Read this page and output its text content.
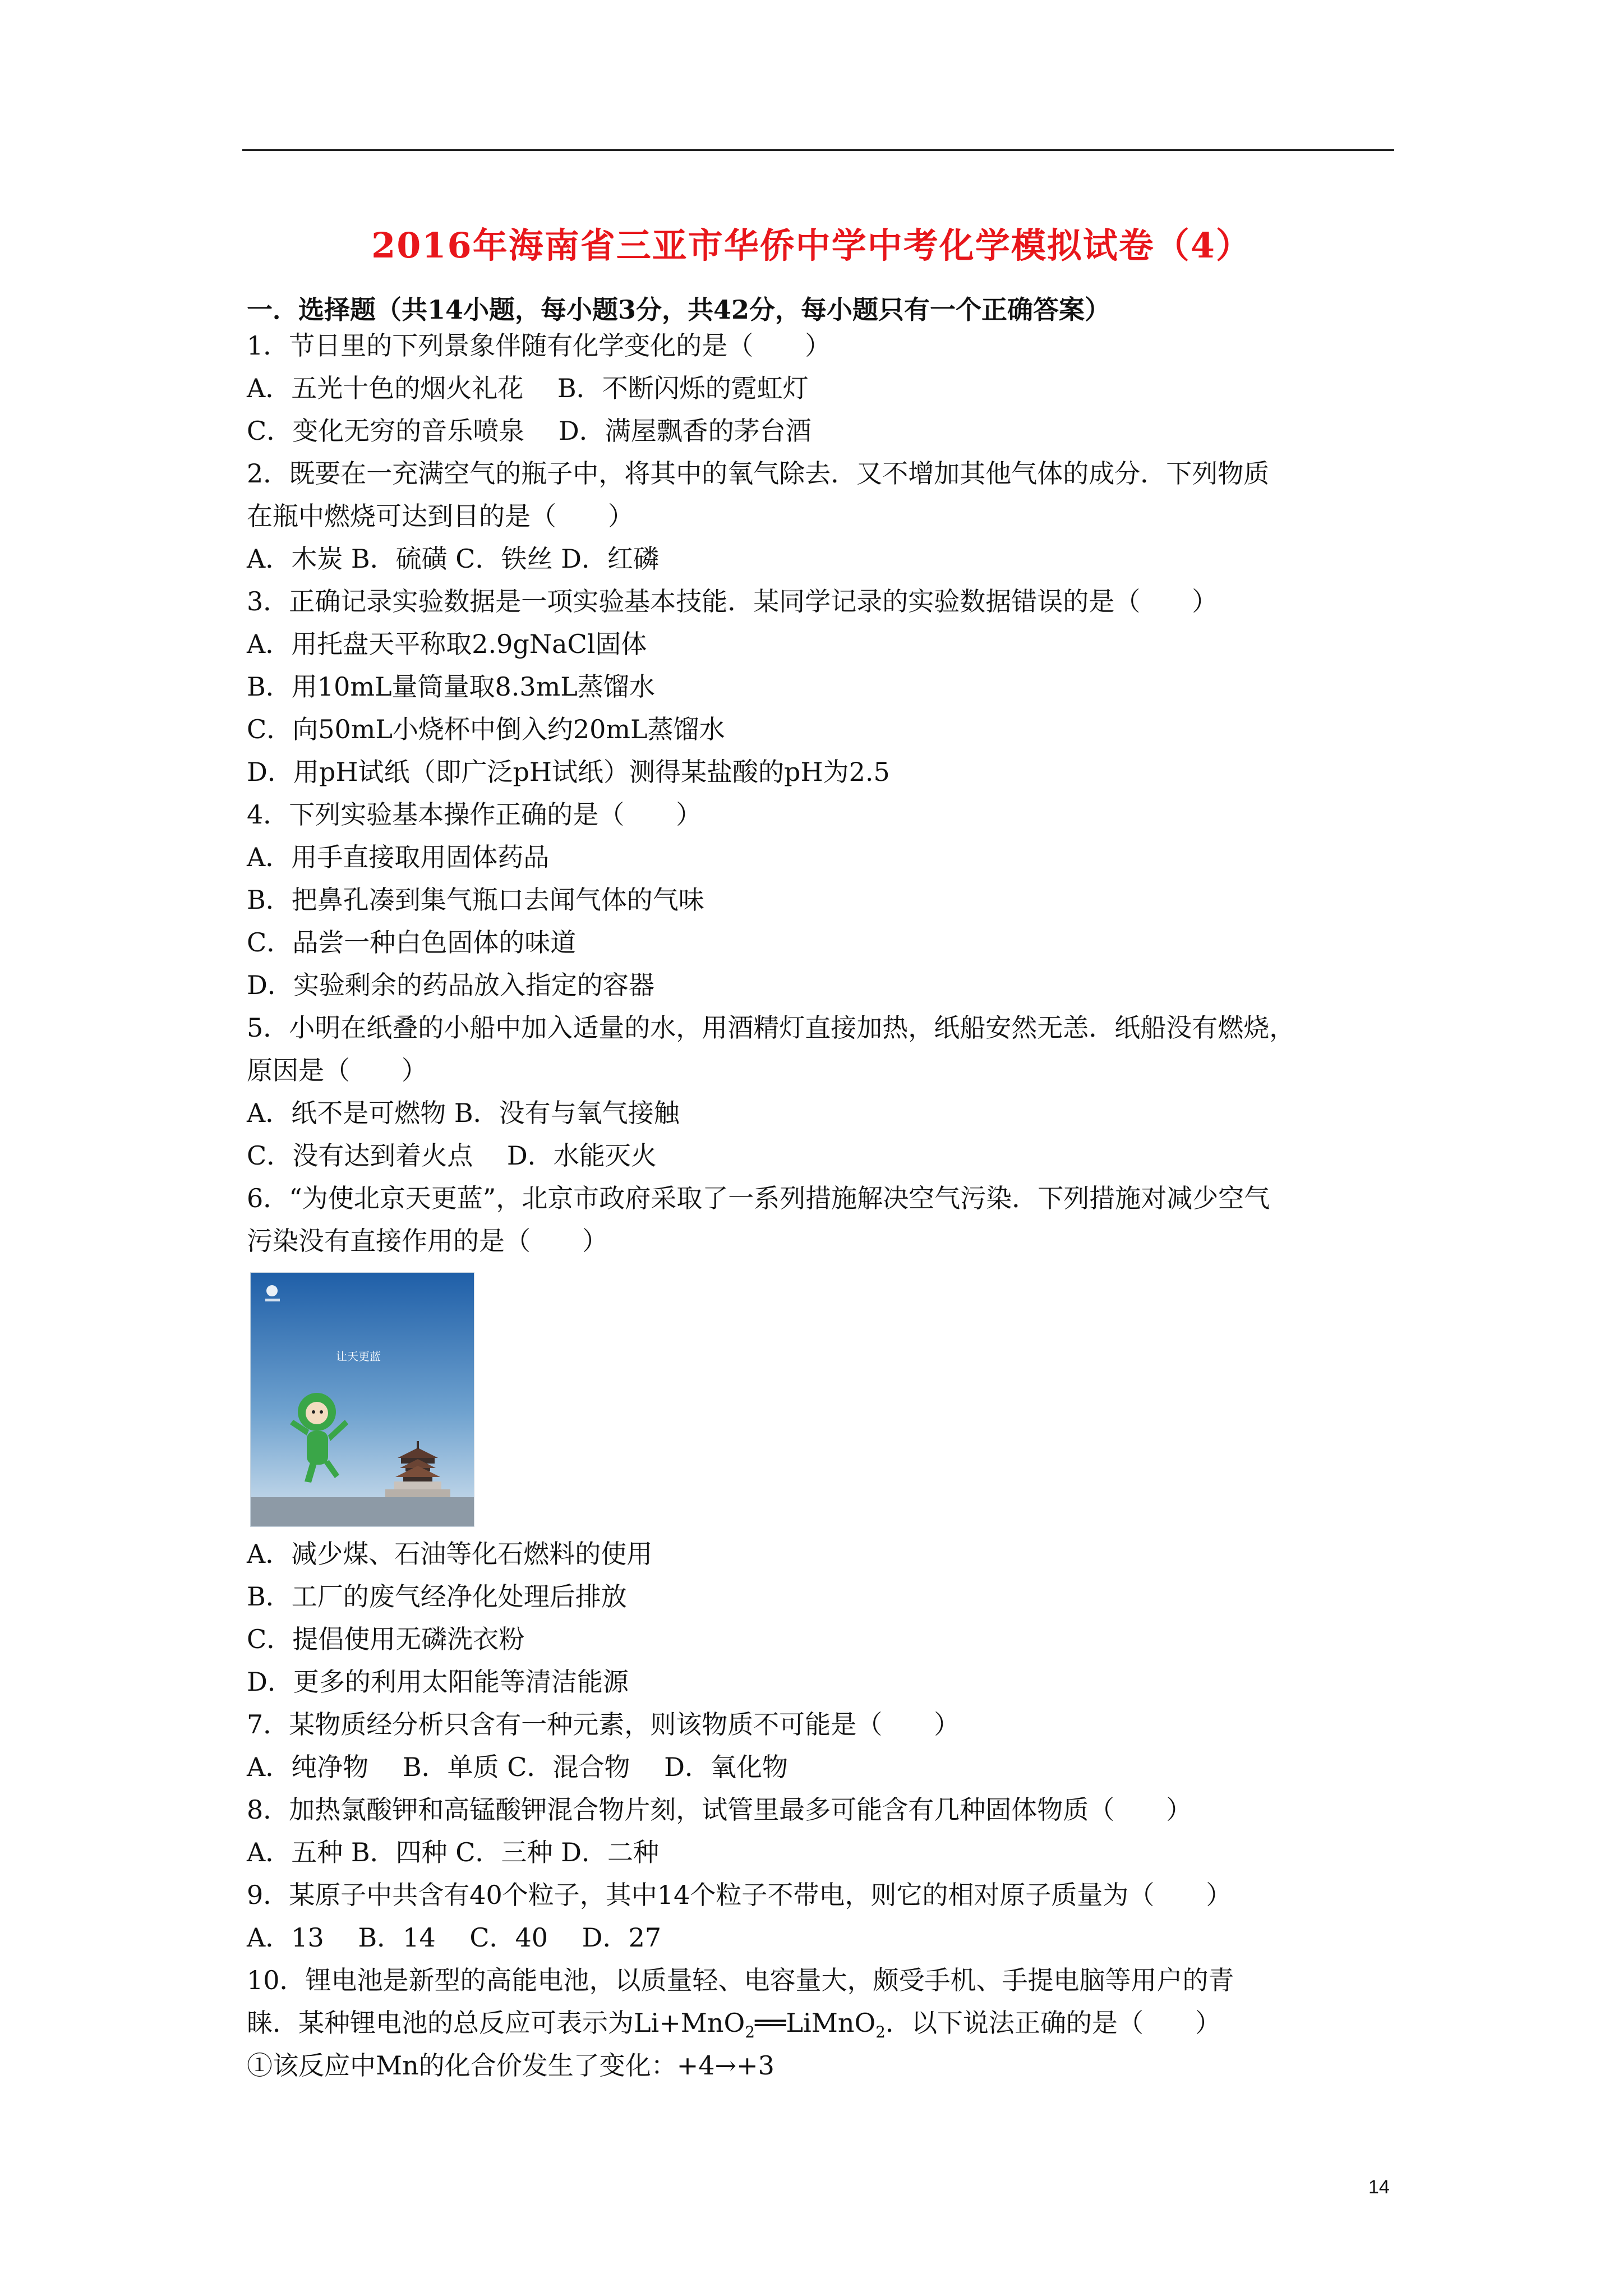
2016年海南省三亚市华侨中学中考化学模拟试卷（4）
一．选择题（共14小题，每小题3分，共42分，每小题只有一个正确答案）
1．节日里的下列景象伴随有化学变化的是（　　）
A．五光十色的烟火礼花　 B．不断闪烁的霓虹灯
C．变化无穷的音乐喷泉　 D．满屋飘香的茅台酒
2．既要在一充满空气的瓶子中，将其中的氧气除去．又不增加其他气体的成分．下列物质
在瓶中燃烧可达到目的是（　　）
A．木炭 B．硫磺 C．铁丝 D．红磷
3．正确记录实验数据是一项实验基本技能．某同学记录的实验数据错误的是（　　）
A．用托盘天平称取2.9gNaCl固体
B．用10mL量筒量取8.3mL蒸馏水
C．向50mL小烧杯中倒入约20mL蒸馏水
D．用pH试纸（即广泛pH试纸）测得某盐酸的pH为2.5
4．下列实验基本操作正确的是（　　）
A．用手直接取用固体药品
B．把鼻孔凑到集气瓶口去闻气体的气味
C．品尝一种白色固体的味道
D．实验剩余的药品放入指定的容器
5．小明在纸叠的小船中加入适量的水，用酒精灯直接加热，纸船安然无恙．纸船没有燃烧，
原因是（　　）
A．纸不是可燃物 B．没有与氧气接触
C．没有达到着火点　 D．水能灭火
6．“为使北京天更蓝”，北京市政府采取了一系列措施解决空气污染．下列措施对减少空气
污染没有直接作用的是（　　）
让天更蓝
A．减少煤、石油等化石燃料的使用
B．工厂的废气经净化处理后排放
C．提倡使用无磷洗衣粉
D．更多的利用太阳能等清洁能源
7．某物质经分析只含有一种元素，则该物质不可能是（　　）
A．纯净物　 B．单质 C．混合物　 D．氧化物
8．加热氯酸钾和高锰酸钾混合物片刻，试管里最多可能含有几种固体物质（　　）
A．五种 B．四种 C．三种 D．二种
9．某原子中共含有40个粒子，其中14个粒子不带电，则它的相对原子质量为（　　）
A．13　 B．14　 C．40　 D．27
10．锂电池是新型的高能电池，以质量轻、电容量大，颇受手机、手提电脑等用户的青
睐．某种锂电池的总反应可表示为Li+MnO$_2$══LiMnO$_2$．以下说法正确的是（　　）
①该反应中Mn的化合价发生了变化：+4→+3
14
